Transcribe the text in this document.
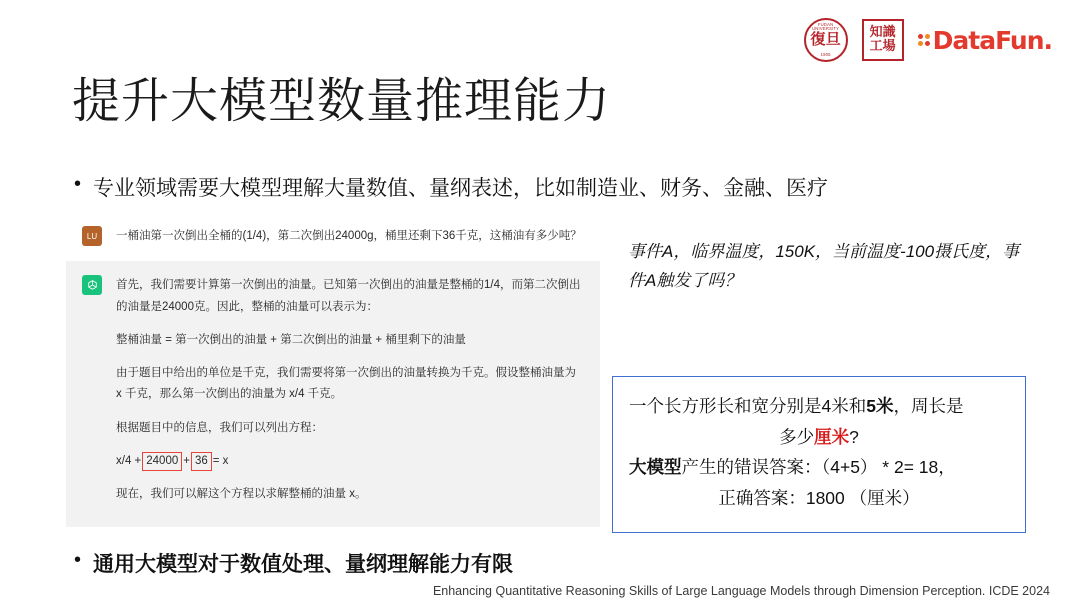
FUDAN UNIVERSITY
復旦
1905
知識
工場 DataFun.
提升大模型数量推理能力
• 专业领域需要大模型理解大量数值、量纲表述，比如制造业、财务、金融、医疗
LU	一桶油第一次倒出全桶的(1/4)，第二次倒出24000g，桶里还剩下36千克，这桶油有多少吨？

首先，我们需要计算第一次倒出的油量。已知第一次倒出的油量是整桶的1/4，而第二次倒出的油量是24000克。因此，整桶的油量可以表示为：

整桶油量 = 第一次倒出的油量 + 第二次倒出的油量 + 桶里剩下的油量

由于题目中给出的单位是千克，我们需要将第一次倒出的油量转换为千克。假设整桶油量为 x 千克，那么第一次倒出的油量为 x/4 千克。

根据题目中的信息，我们可以列出方程：

x/4 + 24000 + 36 = x

现在，我们可以解这个方程以求解整桶的油量 x。

事件A，临界温度，150K，当前温度-100摄氏度，事件A触发了吗？
一个长方形长和宽分别是4米和5米，周长是
多少厘米?
大模型产生的错误答案：（4+5） * 2= 18，
正确答案：1800 （厘米）
• 通用大模型对于数值处理、量纲理解能力有限
Enhancing Quantitative Reasoning Skills of Large Language Models through Dimension Perception. ICDE 2024
